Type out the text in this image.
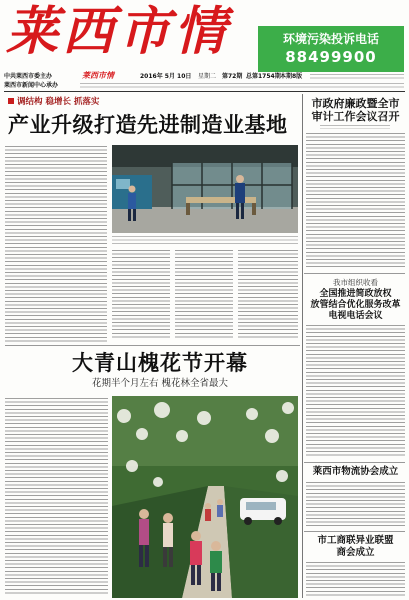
莱西市情	环境污染投诉电话
88499900
中共莱西市委主办	莱西市情	2016年 5月 10日 星期二 第72期 总第1754期 本期8版
莱西市新闻中心承办
调结构 稳增长 抓落实
产业升级打造先进制造业基地
大青山槐花节开幕
花期半个月左右 槐花林全省最大
市政府廉政暨全市
审计工作会议召开
我市组织收看
全国推进简政放权
放管结合优化服务改革
电视电话会议
莱西市物流协会成立
市工商联异业联盟
商会成立
